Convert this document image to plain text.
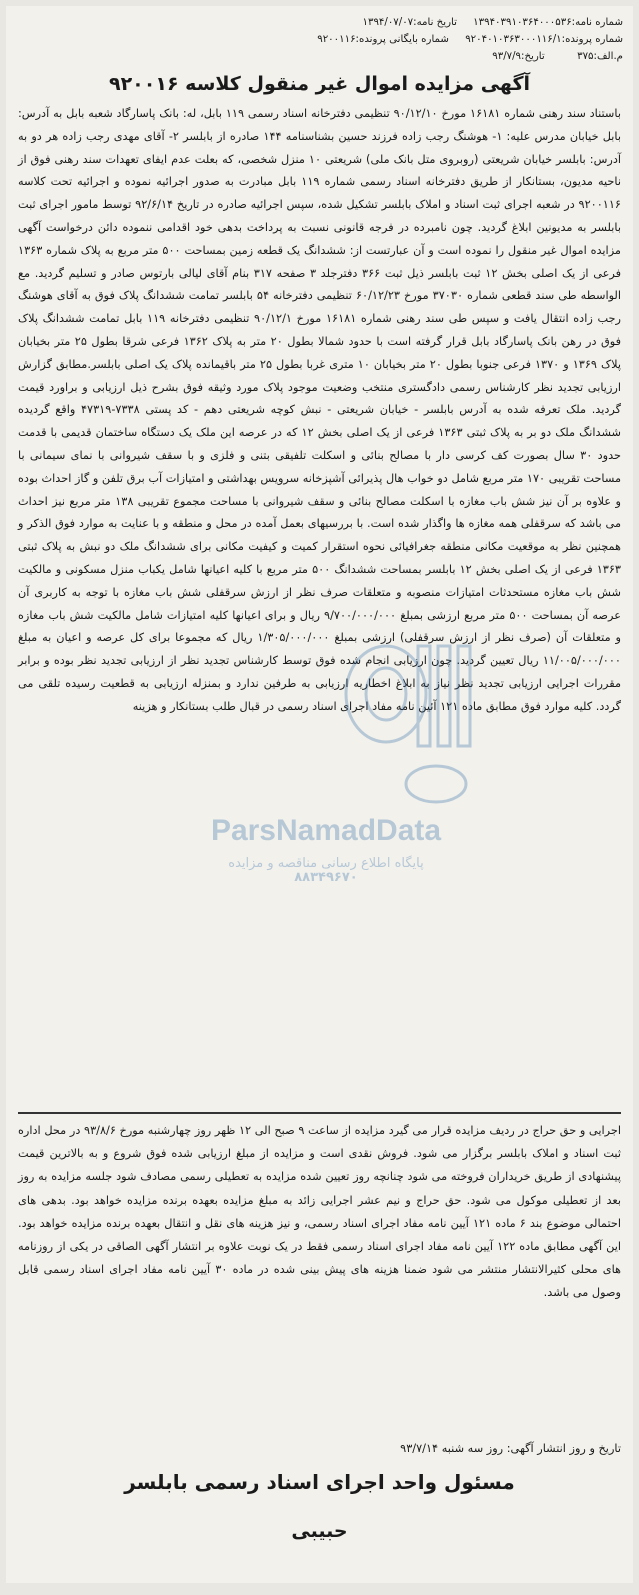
شماره نامه:۱۳۹۴۰۳۹۱۰۳۶۴۰۰۰۵۳۶     تاریخ نامه:۱۳۹۴/۰۷/۰۷
شماره پرونده:۹۲۰۴۰۱۰۳۶۳۰۰۰۱۱۶/۱     شماره بایگانی پرونده:۹۲۰۰۱۱۶
م.الف:۳۷۵          تاریخ:۹۳/۷/۹
آگهی مزایده اموال غیر منقول کلاسه ۹۲۰۰۱۶

باستناد سند رهنی شماره ۱۶۱۸۱ مورخ ۹۰/۱۲/۱۰ تنظیمی دفترخانه اسناد رسمی ۱۱۹ بابل، له: بانک پاسارگاد شعبه بابل به آدرس: بابل خیابان مدرس علیه: ۱- هوشنگ رجب زاده فرزند حسین بشناسنامه ۱۴۴ صادره از بابلسر ۲- آقای مهدی رجب زاده هر دو به آدرس: بابلسر خیابان شریعتی (روبروی متل بانک ملی) شریعتی ۱۰ منزل شخصی، که بعلت عدم ایفای تعهدات سند رهنی فوق از ناحیه مدیون، بستانکار از طریق دفترخانه اسناد رسمی شماره ۱۱۹ بابل مبادرت به صدور اجرائیه نموده و اجرائیه تحت کلاسه ۹۲۰۰۱۱۶ در شعبه اجرای ثبت اسناد و املاک بابلسر تشکیل شده، سپس اجرائیه صادره در تاریخ ۹۲/۶/۱۴ توسط مامور اجرای ثبت بابلسر به مدیونین ابلاغ گردید. چون نامبرده در فرجه قانونی نسبت به پرداخت بدهی خود اقدامی ننموده دائن درخواست آگهی مزایده اموال غیر منقول را نموده است و آن عبارتست از: ششدانگ یک قطعه زمین بمساحت ۵۰۰ متر مربع به پلاک شماره ۱۳۶۳ فرعی از یک اصلی بخش ۱۲ ثبت بابلسر ذیل ثبت ۳۶۶ دفترجلد ۳ صفحه ۳۱۷ بنام آقای لیالی بارتوس صادر و تسلیم گردید. مع الواسطه طی سند قطعی شماره ۳۷۰۳۰ مورخ ۶۰/۱۲/۲۳ تنظیمی دفترخانه ۵۴ بابلسر تمامت ششدانگ پلاک فوق به آقای هوشنگ رجب زاده انتقال یافت و سپس طی سند رهنی شماره ۱۶۱۸۱ مورخ ۹۰/۱۲/۱ تنظیمی دفترخانه ۱۱۹ بابل تمامت ششدانگ پلاک فوق در رهن بانک پاسارگاد بابل قرار گرفته است با حدود شمالا بطول ۲۰ متر به پلاک ۱۳۶۲ فرعی شرقا بطول ۲۵ متر بخیابان پلاک ۱۳۶۹ و ۱۳۷۰ فرعی جنوبا بطول ۲۰ متر بخیابان ۱۰ متری غربا بطول ۲۵ متر باقیمانده پلاک یک اصلی بابلسر.مطابق گزارش ارزیابی تجدید نظر کارشناس رسمی دادگستری منتخب وضعیت موجود پلاک مورد وثیقه فوق بشرح ذیل ارزیابی و براورد قیمت گردید. ملک تعرفه شده به آدرس بابلسر - خیابان شریعتی - نبش کوچه شریعتی دهم - کد پستی ۷۳۳۸-۴۷۳۱۹ واقع گردیده ششدانگ ملک دو بر به پلاک ثبتی ۱۳۶۳ فرعی از یک اصلی بخش ۱۲ که در عرصه این ملک یک دستگاه ساختمان قدیمی با قدمت حدود ۳۰ سال بصورت کف کرسی دار با مصالح بنائی و اسکلت تلفیقی بتنی و فلزی و با سقف شیروانی با نمای سیمانی با مساحت تقریبی ۱۷۰ متر مربع شامل دو خواب هال پذیرائی آشپزخانه سرویس بهداشتی و امتیازات آب برق تلفن و گاز احداث بوده و علاوه بر آن نیز شش باب مغازه با اسکلت مصالح بنائی و سقف شیروانی با مساحت مجموع تقریبی ۱۳۸ متر مربع نیز احداث می باشد که سرقفلی همه مغازه ها واگذار شده است. با بررسیهای بعمل آمده در محل و منطقه و با عنایت به موارد فوق الذکر و همچنین نظر به موقعیت مکانی منطقه جغرافیائی نحوه استقرار کمیت و کیفیت مکانی برای ششدانگ ملک دو نبش به پلاک ثبتی ۱۳۶۳ فرعی از یک اصلی بخش ۱۲ بابلسر بمساحت ششدانگ ۵۰۰ متر مربع با کلیه اعیانها شامل یکباب منزل مسکونی و مالکیت شش باب مغازه مستحدثات امتیازات منصوبه و متعلقات صرف نظر از ارزش سرقفلی شش باب مغازه با توجه به کاربری آن عرصه آن بمساحت ۵۰۰ متر مربع ارزشی بمبلغ ۹/۷۰۰/۰۰۰/۰۰۰ ریال و برای اعیانها کلیه امتیازات شامل مالکیت شش باب مغازه و متعلقات آن (صرف نظر از ارزش سرقفلی) ارزشی بمبلغ ۱/۳۰۵/۰۰۰/۰۰۰ ریال که مجموعا برای کل عرصه و اعیان به مبلغ ۱۱/۰۰۵/۰۰۰/۰۰۰ ریال تعیین گردید. چون ارزیابی انجام شده فوق توسط کارشناس تجدید نظر از ارزیابی تجدید نظر بوده و برابر مقررات اجرایی ارزیابی تجدید نظر نیاز به ابلاغ اخطاریه ارزیابی به طرفین ندارد و بمنزله ارزیابی به قطعیت رسیده تلقی می گردد. کلیه موارد فوق مطابق ماده ۱۲۱ آئین نامه مفاد اجرای اسناد رسمی در قبال طلب بستانکار و هزینه

ParsNamadData
پایگاه اطلاع رسانی مناقصه و مزایده
۸۸۳۴۹۶۷۰

اجرایی و حق حراج در ردیف مزایده قرار می گیرد مزایده از ساعت ۹ صبح الی ۱۲ ظهر روز چهارشنبه مورخ ۹۳/۸/۶ در محل اداره ثبت اسناد و املاک بابلسر برگزار می شود. فروش نقدی است و مزایده از مبلغ ارزیابی شده فوق شروع و به بالاترین قیمت پیشنهادی از طریق خریداران فروخته می شود چنانچه روز تعیین شده مزایده به تعطیلی رسمی مصادف شود جلسه مزایده به روز بعد از تعطیلی موکول می شود. حق حراج و نیم عشر اجرایی زائد به مبلغ مزایده بعهده برنده مزایده خواهد بود. بدهی های احتمالی موضوع بند ۶ ماده ۱۲۱ آیین نامه مفاد اجرای اسناد رسمی، و نیز هزینه های نقل و انتقال بعهده برنده مزایده خواهد بود. این آگهی مطابق ماده ۱۲۲ آیین نامه مفاد اجرای اسناد رسمی فقط در یک نوبت علاوه بر انتشار آگهی الصاقی در یکی از روزنامه های محلی کثیرالانتشار منتشر می شود ضمنا هزینه های پیش بینی شده در ماده ۳۰ آیین نامه مفاد اجرای اسناد رسمی قابل وصول می باشد.

تاریخ و روز انتشار آگهی: روز سه شنبه ۹۳/۷/۱۴
مسئول واحد اجرای اسناد رسمی بابلسر
حبیبی
